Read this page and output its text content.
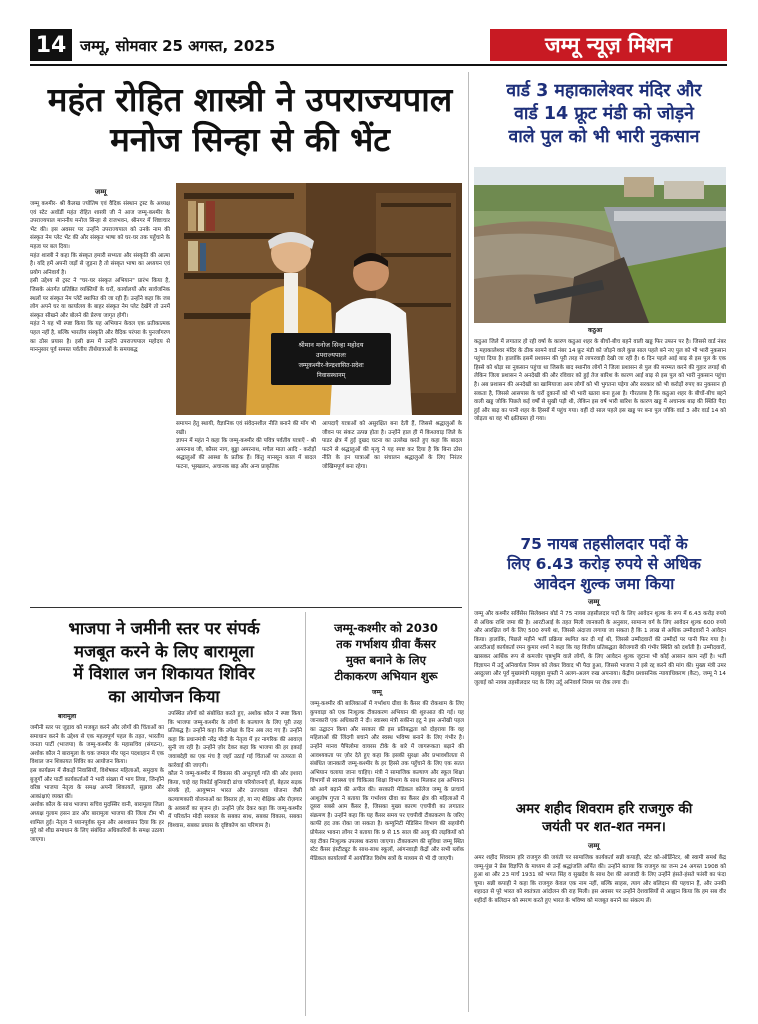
14 जम्मू, सोमवार 25 अगस्त, 2025	जम्मू न्यूज़ मिशन
महंत रोहित शास्त्री ने उपराज्यपाल
मनोज सिन्हा से की भेंट
जम्मू
जम्मू कश्मीर- श्री कैलख ज्योतिष एवं वैदिक संस्थान ट्रस्ट के अध्यक्ष एवं स्टेट अवॉर्डी महंत रोहित शास्त्री जी ने आज जम्मू-कश्मीर के उपराज्यपाल माननीय मनोज सिन्हा से राजभवन, श्रीनगर में शिष्टाचार भेंट की। इस अवसर पर उन्होंने उपराज्यपाल को उनके नाम की संस्कृत नेम प्लेट भेंट की और संस्कृत भाषा को घर-घर तक पहुँचाने के महत्व पर बल दिया।
महंत शास्त्री ने कहा कि संस्कृत हमारी सभ्यता और संस्कृति की आत्मा है। यदि हमें अपनी जड़ों से जुड़ना है तो संस्कृत भाषा का अध्ययन एवं प्रयोग अनिवार्य है।
इसी उद्देश्य से ट्रस्ट ने "घर-घर संस्कृत अभियान" प्रारंभ किया है, जिसके अंतर्गत प्रतिष्ठित व्यक्तियों के घरों, कार्यालयों और सार्वजनिक स्थलों पर संस्कृत नेम प्लेटें स्थापित की जा रही हैं। उन्होंने कहा कि जब लोग अपने घर या कार्यालय के बाहर संस्कृत नेम प्लेट देखेंगे तो उनमें संस्कृत सीखने और बोलने की प्रेरणा जागृत होगी।
महंत ने यह भी स्पष्ट किया कि यह अभियान केवल एक प्रतीकात्मक पहल नहीं है, बल्कि भारतीय संस्कृति और वैदिक परंपरा के पुनर्जागरण का ठोस प्रयास है। इसी क्रम में उन्होंने उपराज्यपाल महोदय से माननुसार पूर्व समस्त पर्वतीय तीर्थयात्राओं के समयबद्ध
श्रीमान मनोज सिन्हा महोदय
उपराज्यपालः
जम्मूकश्मीर-केन्द्रशासित-प्रदेशः
निवासस्थानम्
समापन हेतु स्थायी, वैज्ञानिक एवं संवेदनशील नीति बनाने की माँग भी रखी।
ज्ञापन में महंत ने कहा कि जम्मू-कश्मीर की पवित्र पर्वतीय यात्राएँ - श्री अमरनाथ जी, कौसर नाग, बुड्ढा अमरनाथ, मचैल माता आदि - करोड़ों श्रद्धालुओं की आस्था के प्रतीक हैं। किंतु मानसून काल में बादल फटना, भूस्खलन, अचानक बाढ़ और अन्य प्राकृतिक
आपदाएँ यात्राओं को असुरक्षित बना देती हैं, जिससे श्रद्धालुओं के जीवन पर संकट उत्पन्न होता है। उन्होंने हाल ही में किश्तवाड़ जिले के पाडर क्षेत्र में हुई दुखद घटना का उल्लेख करते हुए कहा कि बादल फटने से श्रद्धालुओं की मृत्यु ने यह स्पष्ट कर दिया है कि बिना ठोस नीति के इन यात्राओं का संचालन श्रद्धालुओं के लिए निरंतर जोखिमपूर्ण बना रहेगा।
वार्ड 3 महाकालेश्वर मंदिर और
वार्ड 14 फ्रूट मंडी को जोड़ने
वाले पुल को भी भारी नुकसान
कठुआ
कठुआ जिले में लगातार हो रही वर्षा के कारण कठुआ शहर के बीचों-बीच बहने वाली खड्ड फिर उफान पर है। जिससे वार्ड नंबर 3 महाकालेश्वर मंदिर के ठीक सामने वार्ड नंबर 14 फ्रूट मंडी को जोड़ने वाले कुछ साल पहले बने नए पुल को भी भारी नुकसान पहुंचा दिया है। हालांकि इसमें प्रशासन की पूरी तरह से लापरवाही देखी जा रही है। 6 दिन पहले आई बाढ़ से इस पुल के एक हिस्से को थोड़ा सा नुकसान पहुंचा था जिसके बाद स्थानीय लोगों ने जिला प्रशासन से पुल की मरम्मत करने की गुहार लगाई थी लेकिन जिला प्रशासन ने अनदेखी की और रविवार को हुई तेज बारिश के कारण आई बाढ़ से इस पुल को भारी नुकसान पहुंचा है। अब प्रशासन की अनदेखी का खामियाजा आम लोगों को भी भुगतना पड़ेगा और सरकार को भी करोड़ों रुपए का नुकसान हो सकता है, जिससे आसपास के घरों दुकानों को भी भारी खतरा बना हुआ है। गौरतलब है कि कठुआ शहर के बीचों-बीच बहने वाली खड्ड जोकि पिछले कई वर्षों से सुखी पड़ी थी, लेकिन इस वर्ष भारी बारिश के कारण खड्ड में अचानक बाढ़ की स्थिति पैदा हुई और बाढ़ का पानी शहर के हिस्सों में पहुंच गया। वहीं दो साल पहले इस खड्ड पर बना पुल जोकि वार्ड 3 और वार्ड 14 को जोड़ता था वह भी क्षतिग्रस्त हो गया।
75 नायब तहसीलदार पदों के
लिए 6.43 करोड़ रुपये से अधिक
आवेदन शुल्क जमा किया
जम्मू
जम्मू और कश्मीर सर्विसेस सिलेक्शन बोर्ड ने 75 नायब तहसीलदार पदों के लिए आवेदन शुल्क के रूप में 6.43 करोड़ रुपये से अधिक राशि जमा की है। आरटीआई के तहत मिली जानकारी के अनुसार, सामान्य वर्ग के लिए आवेदन शुल्क 600 रुपये और आरक्षित वर्ग के लिए 500 रुपये था, जिससे अंदाजा लगाया जा सकता है कि 1 लाख से अधिक उम्मीदवारों ने आवेदन किया। हालांकि, पिछले महीने भर्ती प्रक्रिया स्थगित कर दी गई थी, जिससे उम्मीदवारों की उम्मीदों पर पानी फिर गया है। आरटीआई कार्यकर्ता रमन कुमार शर्मा ने कहा कि यह वित्तीय प्रतिबद्धता बेरोजगारी की गंभीर स्थिति को दर्शाती है। उम्मीदवारों, खासकर आर्थिक रूप से कमजोर पृष्ठभूमि वाले लोगों, के लिए आवेदन शुल्क जुटाना भी कोई आसान काम नहीं है। भर्ती विज्ञापन में उर्दू अनिवार्यता नियम को लेकर विवाद भी पैदा हुआ, जिससे भाजपा ने इसे रद्द करने की मांग की। मुख्य मंत्री उमर अब्दुल्ला और पूर्व मुख्यमंत्री महबूबा मुफ्ती ने अलग-अलग रुख अपनाया। केंद्रीय प्रशासनिक न्यायाधिकरण (कैट), जम्मू ने 14 जुलाई को नायब तहसीलदार पद के लिए उर्दू अनिवार्य नियम पर रोक लगा दी।
अमर शहीद शिवराम हरि राजगुरु की
जयंती पर शत-शत नमन।
जम्मू
अमर शहीद शिवराम हरि राजगुरु की जयंती पर सामाजिक कार्यकर्ता सन्नी कपाही, स्टेट को-ऑर्डिनेटर, श्री स्वामी समर्थ केंद्र जम्मू-पुंछ ने प्रेस विज्ञप्ति के माध्यम से उन्हें श्रद्धांजलि अर्पित की। उन्होंने बताया कि राजगुरु का जन्म 24 अगस्त 1908 को हुआ था और 23 मार्च 1931 को भगत सिंह व सुखदेव के साथ देश की आजादी के लिए उन्होंने हंसते-हंसते फांसी का फंदा चूमा। सन्नी कपाही ने कहा कि राजगुरु केवल एक नाम नहीं, बल्कि साहस, त्याग और बलिदान की पहचान हैं, और उनकी शहादत से पूरे भारत को स्वतंत्रता आंदोलन की राह मिली। इस अवसर पर उन्होंने देशवासियों से आह्वान किया कि हम सब वीर शहीदों के बलिदान को स्मरण करते हुए भारत के भविष्य को मजबूत बनाने का संकल्प लें।
भाजपा ने जमीनी स्तर पर संपर्क
मजबूत करने के लिए बारामूला
में विशाल जन शिकायत शिविर
का आयोजन किया
बारामूला
जमीनी स्तर पर जुड़ाव को मजबूत करने और लोगों की चिंताओं का समाधान करने के उद्देश्य से एक महत्वपूर्ण पहल के तहत, भारतीय जनता पार्टी (भाजपा) के जम्मू-कश्मीर के महासचिव (संगठन), अशोक कौल ने बारामूला के चक जमाल मीर पट्टन पदशाहान में एक विशाल जन शिकायत शिविर का आयोजन किया।
इस कार्यक्रम में सैकड़ों निवासियों, विशेषकर महिलाओं, समुदाय के बुजुर्गों और पार्टी कार्यकर्ताओं ने भारी संख्या में भाग लिया, जिन्होंने वरिष्ठ भाजपा नेतृत्व के समक्ष अपनी शिकायतें, सुझाव और आकांक्षाएं व्यक्त कीं।
अशोक कौल के साथ भाजपा सचिव मुदस्सिर वानी, बारामूला जिला अध्यक्ष गुलाम हसन डार और बारामूला भाजपा की जिला टीम भी शामिल हुई। नेतृत्व ने ध्यानपूर्वक सुना और आश्वासन दिया कि हर मुद्दे को शीघ्र समाधान के लिए संबंधित अधिकारियों के समक्ष उठाया जाएगा।
उपस्थित लोगों को संबोधित करते हुए, अशोक कौल ने स्पष्ट किया कि भाजपा जम्मू-कश्मीर के लोगों के कल्याण के लिए पूरी तरह प्रतिबद्ध है। उन्होंने कहा कि उपेक्षा के दिन अब लद गए हैं। उन्होंने कहा कि प्रधानमंत्री नरेंद्र मोदी के नेतृत्व में हर नागरिक की आवाज़ सुनी जा रही है। उन्होंने ज़ोर देकर कहा कि भाजपा की हर इकाई जवाबदेही का एक मंच है जहाँ उठाई गई चिंताओं पर तत्परता से कार्रवाई की जाएगी।
कौल ने जम्मू-कश्मीर में विकास की अभूतपूर्व गति की ओर इशारा किया, चाहे वह रिकॉर्ड बुनियादी ढांचा परियोजनाएँ हों, बेहतर सड़क संपर्क हो, आयुष्मान भारत और उज्ज्वला योजना जैसी कल्याणकारी योजनाओं का विस्तार हो, या नए शैक्षिक और रोज़गार के अवसरों का सृजन हो। उन्होंने ज़ोर देकर कहा कि जम्मू-कश्मीर में परिवर्तन मोदी सरकार के सबका साथ, सबका विकास, सबका विश्वास, सबका प्रयास के दृष्टिकोण का परिणाम है।
जम्मू-कश्मीर को 2030
तक गर्भाशय ग्रीवा कैंसर
मुक्त बनाने के लिए
टीकाकरण अभियान शुरू
जम्मू
जम्मू-कश्मीर की बालिकाओं में गर्भाशय ग्रीवा के कैंसर की रोकथाम के लिए कुपवाड़ा को एक निःशुल्क टीकाकरण अभियान की शुरुआत की गई। यह जानकारी एक अधिकारी ने दी। स्वास्थ्य मंत्री सकीना इटू ने इस अनोखी पहल का उद्घाटन किया और सरकार की इस प्रतिबद्धता को दोहराया कि वह महिलाओं की जिंदगी बचाने और स्वस्थ भविष्य बनाने के लिए गंभीर है। उन्होंने मानव पैपिलोमा वायरस टीके के बारे में जागरूकता बढ़ाने की आवश्यकता पर ज़ोर देते हुए कहा कि इसकी सुरक्षा और प्रभावशीलता से संबंधित जानकारी जम्मू-कश्मीर के हर हिस्से तक पहुँचाने के लिए एक सतत अभियान चलाया जाना चाहिए। मंत्री ने सामाजिक कल्याण और स्कूल शिक्षा विभागों से स्वास्थ्य एवं चिकित्सा शिक्षा विभाग के साथ मिलकर इस अभियान को आगे बढ़ाने की अपील की। सरकारी मेडिकल कॉलेज जम्मू के प्राचार्य आशुतोष गुप्ता ने बताया कि गर्भाशय ग्रीवा का कैंसर क्षेत्र की महिलाओं में दूसरा सबसे आम कैंसर है, जिसका मुख्य कारण एचपीवी का लगातार संक्रमण है। उन्होंने कहा कि यह कैंसर समय पर एचपीवी टीकाकरण के जरिए काफी हद तक रोका जा सकता है। कम्युनिटी मेडिसिन विभाग की सहयोगी प्रोफेसर भावना लोंगर ने बताया कि 9 से 15 साल की आयु की लड़कियों को यह टीका निःशुल्क उपलब्ध कराया जाएगा। टीकाकरण की सुविधा जम्मू स्थित स्टेट कैंसर इंस्टीट्यूट के साथ-साथ स्कूलों, आंगनवाड़ी केंद्रों और सभी ब्लॉक मेडिकल कार्यालयों में आयोजित विशेष सत्रों के माध्यम से भी दी जाएगी।
